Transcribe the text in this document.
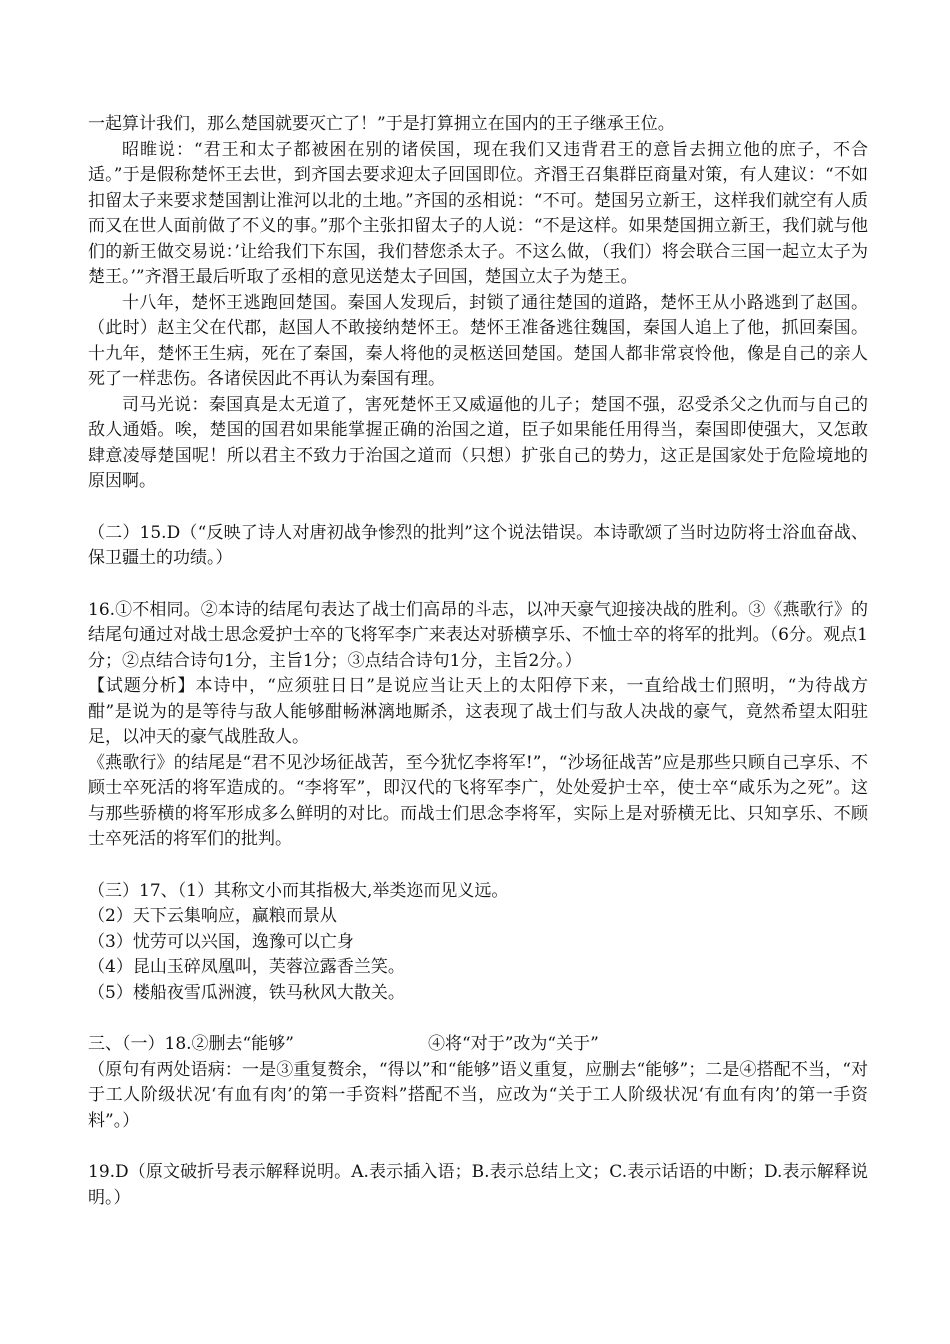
一起算计我们，那么楚国就要灭亡了！”于是打算拥立在国内的王子继承王位。

昭睢说：“君王和太子都被困在别的诸侯国，现在我们又违背君王的意旨去拥立他的庶子，不合适。”于是假称楚怀王去世，到齐国去要求迎太子回国即位。齐湣王召集群臣商量对策，有人建议：“不如扣留太子来要求楚国割让淮河以北的土地。”齐国的丞相说：“不可。楚国另立新王，这样我们就空有人质而又在世人面前做了不义的事。”那个主张扣留太子的人说：“不是这样。如果楚国拥立新王，我们就与他们的新王做交易说：’让给我们下东国，我们替您杀太子。不这么做，（我们）将会联合三国一起立太子为楚王。’”齐湣王最后听取了丞相的意见送楚太子回国，楚国立太子为楚王。

十八年，楚怀王逃跑回楚国。秦国人发现后，封锁了通往楚国的道路，楚怀王从小路逃到了赵国。（此时）赵主父在代郡，赵国人不敢接纳楚怀王。楚怀王准备逃往魏国，秦国人追上了他，抓回秦国。十九年，楚怀王生病，死在了秦国，秦人将他的灵柩送回楚国。楚国人都非常哀怜他，像是自己的亲人死了一样悲伤。各诸侯因此不再认为秦国有理。

司马光说：秦国真是太无道了，害死楚怀王又威逼他的儿子；楚国不强，忍受杀父之仇而与自己的敌人通婚。唉，楚国的国君如果能掌握正确的治国之道，臣子如果能任用得当，秦国即使强大，又怎敢肆意凌辱楚国呢！所以君主不致力于治国之道而（只想）扩张自己的势力，这正是国家处于危险境地的原因啊。

（二）15.D（“反映了诗人对唐初战争惨烈的批判”这个说法错误。本诗歌颂了当时边防将士浴血奋战、保卫疆土的功绩。）

16.①不相同。②本诗的结尾句表达了战士们高昂的斗志，以冲天豪气迎接决战的胜利。③《燕歌行》的结尾句通过对战士思念爱护士卒的飞将军李广来表达对骄横享乐、不恤士卒的将军的批判。（6分。观点1分；②点结合诗句1分，主旨1分；③点结合诗句1分，主旨2分。）

【试题分析】本诗中，“应须驻日日”是说应当让天上的太阳停下来，一直给战士们照明，“为待战方酣”是说为的是等待与敌人能够酣畅淋漓地厮杀，这表现了战士们与敌人决战的豪气，竟然希望太阳驻足，以冲天的豪气战胜敌人。

《燕歌行》的结尾是“君不见沙场征战苦，至今犹忆李将军!”，“沙场征战苦”应是那些只顾自己享乐、不顾士卒死活的将军造成的。“李将军”，即汉代的飞将军李广，处处爱护士卒，使士卒“咸乐为之死”。这与那些骄横的将军形成多么鲜明的对比。而战士们思念李将军，实际上是对骄横无比、只知享乐、不顾士卒死活的将军们的批判。

（三）17、（1）其称文小而其指极大,举类迩而见义远。
（2）天下云集响应，赢粮而景从
（3）忧劳可以兴国，逸豫可以亡身
（4）昆山玉碎凤凰叫，芙蓉泣露香兰笑。
（5）楼船夜雪瓜洲渡，铁马秋风大散关。
三、（一）18.②删去“能够”	④将“对于”改为“关于”

（原句有两处语病：一是③重复赘余，“得以”和“能够”语义重复，应删去“能够”；二是④搭配不当，“对于工人阶级状况‘有血有肉’的第一手资料”搭配不当，应改为“关于工人阶级状况‘有血有肉’的第一手资料”。）

19.D（原文破折号表示解释说明。A.表示插入语；B.表示总结上文；C.表示话语的中断；D.表示解释说明。）
